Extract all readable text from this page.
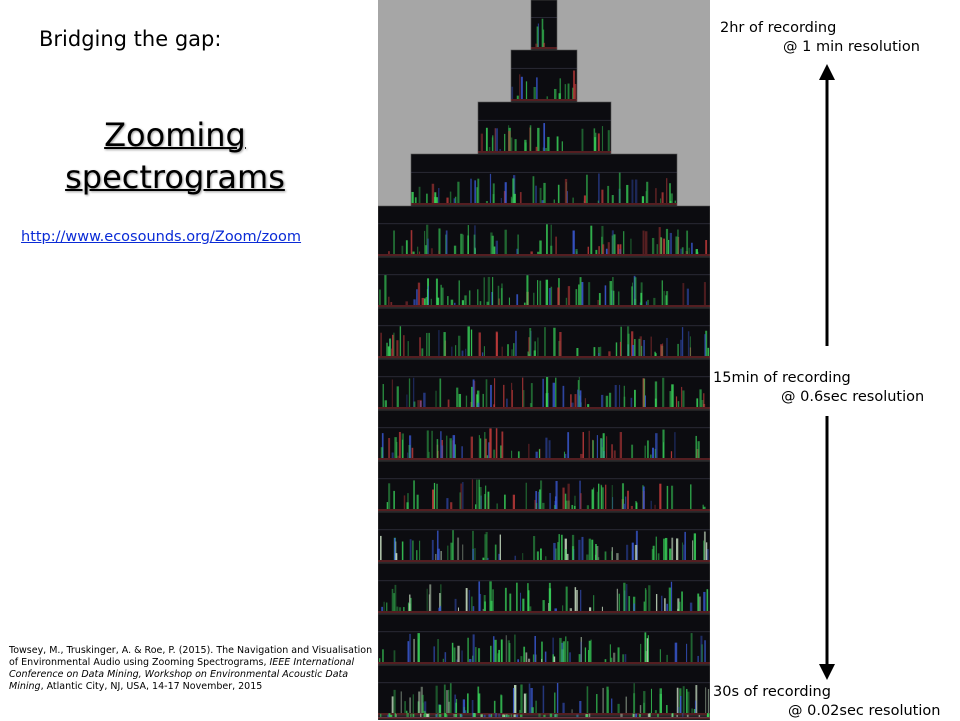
Bridging the gap:
Zooming
spectrograms
http://www.ecosounds.org/Zoom/zoom
Towsey, M., Truskinger, A. & Roe, P. (2015). The Navigation and Visualisation of Environmental Audio using Zooming Spectrograms, IEEE International Conference on Data Mining, Workshop on Environmental Acoustic Data Mining, Atlantic City, NJ, USA, 14-17 November, 2015
2hr of recording
@ 1 min resolution
15min of recording
@ 0.6sec resolution
30s of recording
@ 0.02sec resolution
